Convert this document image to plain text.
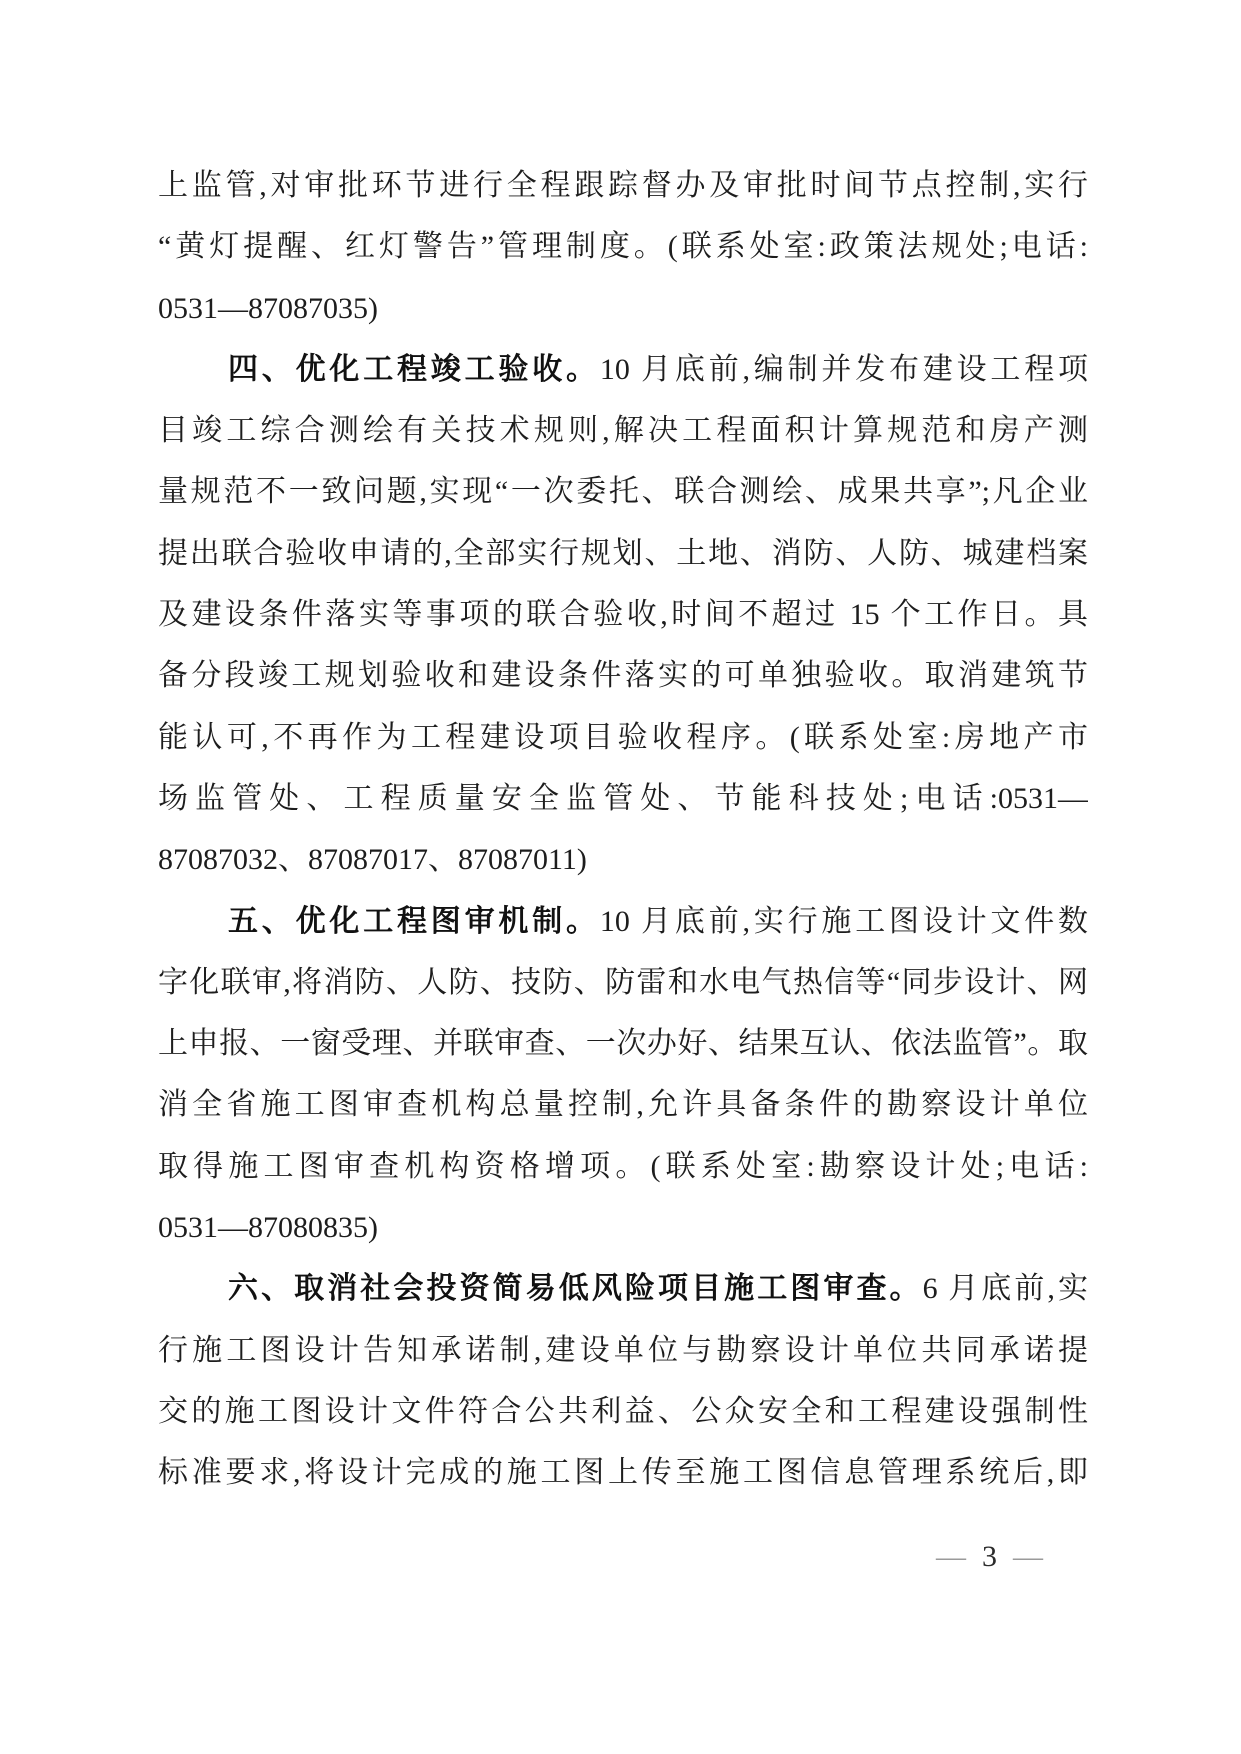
上监管,对审批环节进行全程跟踪督办及审批时间节点控制,实行
“黄灯提醒、红灯警告”管理制度。(联系处室:政策法规处;电话:
0531—87087035)
四、优化工程竣工验收。10 月底前,编制并发布建设工程项
目竣工综合测绘有关技术规则,解决工程面积计算规范和房产测
量规范不一致问题,实现“一次委托、联合测绘、成果共享”;凡企业
提出联合验收申请的,全部实行规划、土地、消防、人防、城建档案
及建设条件落实等事项的联合验收,时间不超过 15 个工作日。具
备分段竣工规划验收和建设条件落实的可单独验收。取消建筑节
能认可,不再作为工程建设项目验收程序。(联系处室:房地产市
场监管处、工程质量安全监管处、节能科技处;电话:0531—
87087032、87087017、87087011)
五、优化工程图审机制。10 月底前,实行施工图设计文件数
字化联审,将消防、人防、技防、防雷和水电气热信等“同步设计、网
上申报、一窗受理、并联审查、一次办好、结果互认、依法监管”。取
消全省施工图审查机构总量控制,允许具备条件的勘察设计单位
取得施工图审查机构资格增项。(联系处室:勘察设计处;电话:
0531—87080835)
六、取消社会投资简易低风险项目施工图审查。6 月底前,实
行施工图设计告知承诺制,建设单位与勘察设计单位共同承诺提
交的施工图设计文件符合公共利益、公众安全和工程建设强制性
标准要求,将设计完成的施工图上传至施工图信息管理系统后,即
— 3 —
